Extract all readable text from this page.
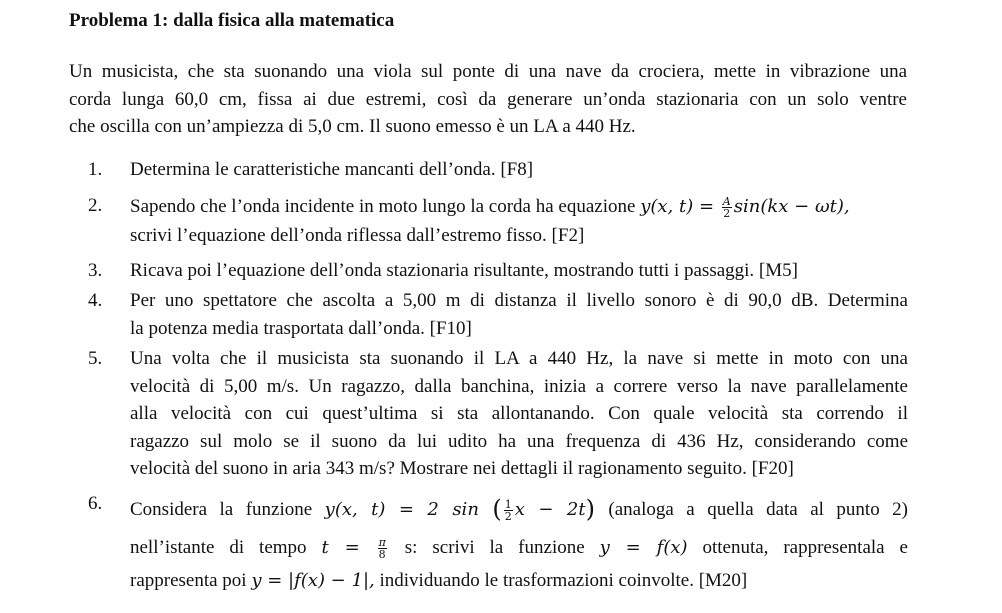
Problema 1: dalla fisica alla matematica
Un musicista, che sta suonando una viola sul ponte di una nave da crociera, mette in vibrazione una
corda lunga 60,0 cm, fissa ai due estremi, così da generare un’onda stazionaria con un solo ventre
che oscilla con un’ampiezza di 5,0 cm. Il suono emesso è un LA a 440 Hz.
1.	Determina le caratteristiche mancanti dell’onda. [F8]
2.	Sapendo che l’onda incidente in moto lungo la corda ha equazione y(x, $t) = \frac{A}{2} \sin(kx - \omega t)$,
scrivi l’equazione dell’onda riflessa dall’estremo fisso. [F2]
3.	Ricava poi l’equazione dell’onda stazionaria risultante, mostrando tutti i passaggi. [M5]
4.	Per uno spettatore che ascolta a 5,00 m di distanza il livello sonoro è di 90,0 dB. Determina
la potenza media trasportata dall’onda. [F10]
5.	Una volta che il musicista sta suonando il LA a 440 Hz, la nave si mette in moto con una
velocità di 5,00 m/s. Un ragazzo, dalla banchina, inizia a correre verso la nave parallelamente
alla velocità con cui quest’ultima si sta allontanando. Con quale velocità sta correndo il
ragazzo sul molo se il suono da lui udito ha una frequenza di 436 Hz, considerando come
velocità del suono in aria 343 m/s? Mostrare nei dettagli il ragionamento seguito. [F20]
6.	Considera la funzione y(x, t) = 2 sin ( $\frac{1}{2}$ x − 2t) (analoga a quella data al punto 2)
nell’istante di tempo $t = \frac{\pi}{8} s$: scrivi la funzione y = f(x) ottenuta, rappresentala e
rappresenta poi y = |f(x) − 1|, individuando le trasformazioni coinvolte. [M20]
